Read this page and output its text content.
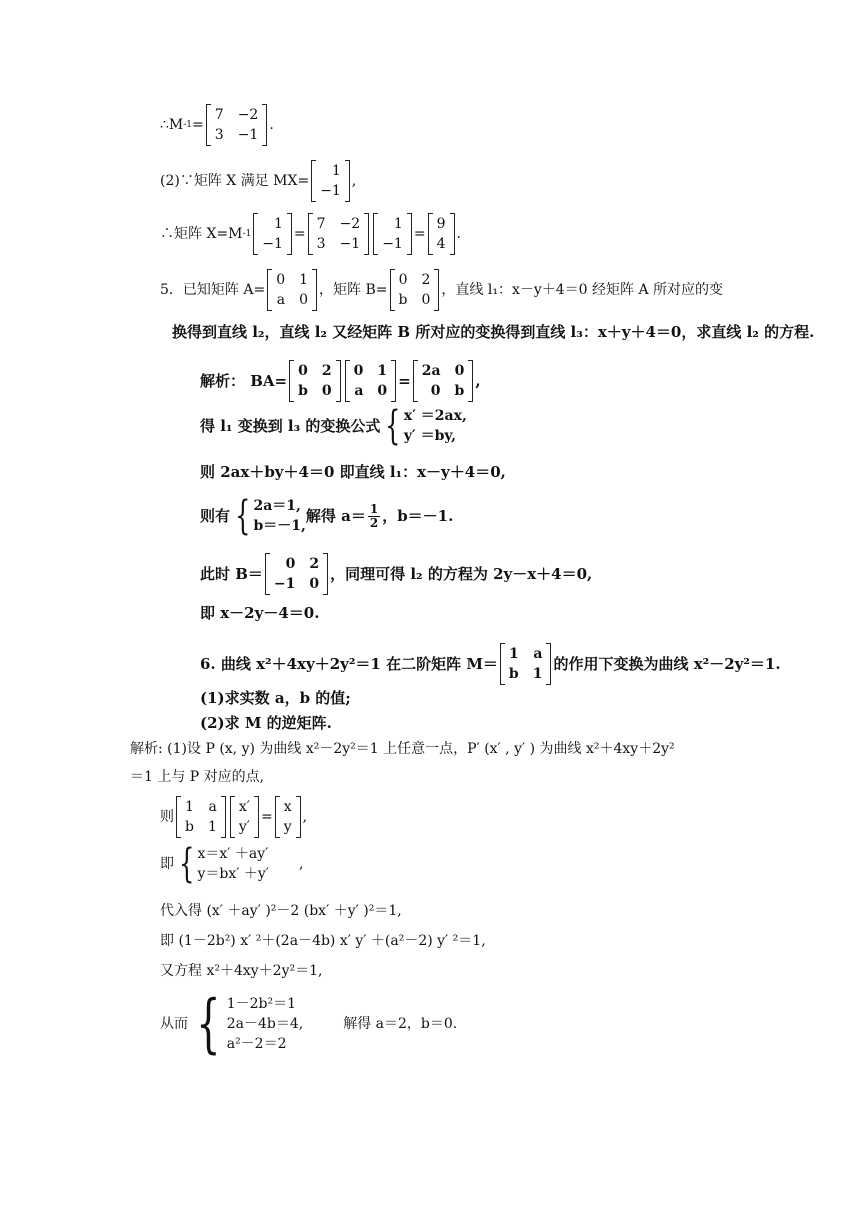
∴M -1 =
7 −2
3 −1
.
(2)∵矩阵 X 满足 MX=
1
−1
,
∴矩阵 X=M -1
1
−1
=
7 −2
3 −1
1
−1
=
9
4
.
5．已知矩阵 A=
0 1
a 0
，矩阵 B=
0 2
b 0
，直线 l₁：x－y＋4＝0 经矩阵 A 所对应的变
换得到直线 l₂，直线 l₂ 又经矩阵 B 所对应的变换得到直线 l₃：x＋y＋4＝0，求直线 l₂ 的方程.
解析： BA=
0 2
b 0
0 1
a 0
=
2a 0
0 b
,
得 l₁ 变换到 l₃ 的变换公式 { x′ ＝2ax,
y′ ＝by,
则 2ax＋by＋4＝0 即直线 l₁：x－y＋4＝0,
则有 { 2a＝1,
b＝－1,
解得 $a= \frac{1}{2}$ ，b＝－1.
此时 B＝
0 2
−1 0
，同理可得 l₂ 的方程为 2y－x＋4＝0,
即 x－2y－4＝0.
6. 曲线 x²＋4xy＋2y²＝1 在二阶矩阵 M＝
1 a
b 1
的作用下变换为曲线 x²－2y²＝1.
(1)求实数 a，b 的值;
(2)求 M 的逆矩阵.
解析: (1)设 P (x, y) 为曲线 x²－2y²＝1 上任意一点，P′ (x′ , y′ ) 为曲线 x²＋4xy＋2y²
＝1 上与 P 对应的点,
则
1 a
b 1
x′
y′
=
x
y
,
即 { x＝x′ ＋ay′
y＝bx′ ＋y′
,
代入得 (x′ ＋ay′ )²－2 (bx′ ＋y′ )²＝1,
即 (1－2b²) x′ ²＋(2a－4b) x′ y′ ＋(a²－2) y′ ²＝1,
又方程 x²＋4xy＋2y²＝1,
从而 { 1－2b²＝1
2a－4b＝4,
a²－2＝2
解得 a＝2，b＝0.
